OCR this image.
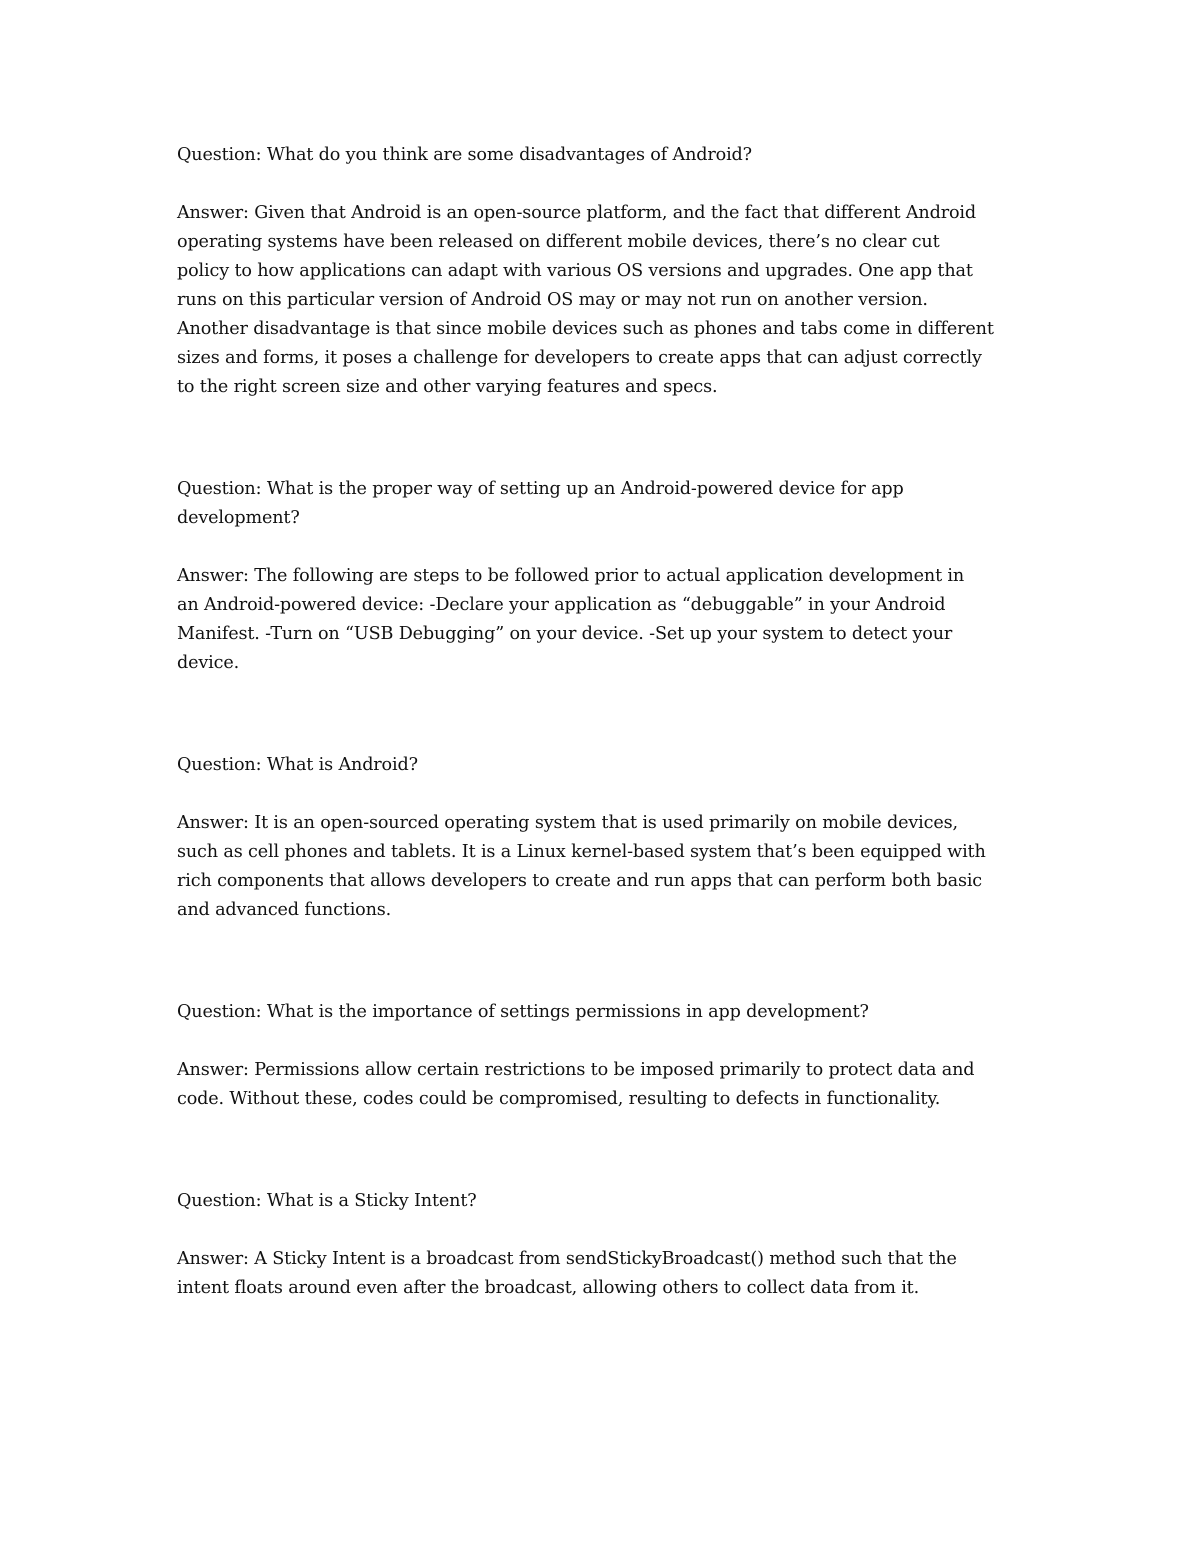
Question: What do you think are some disadvantages of Android?
Answer: Given that Android is an open-source platform, and the fact that different Android
operating systems have been released on different mobile devices, there’s no clear cut
policy to how applications can adapt with various OS versions and upgrades. One app that
runs on this particular version of Android OS may or may not run on another version.
Another disadvantage is that since mobile devices such as phones and tabs come in different
sizes and forms, it poses a challenge for developers to create apps that can adjust correctly
to the right screen size and other varying features and specs.
Question: What is the proper way of setting up an Android-powered device for app
development?
Answer: The following are steps to be followed prior to actual application development in
an Android-powered device: -Declare your application as “debuggable” in your Android
Manifest. -Turn on “USB Debugging” on your device. -Set up your system to detect your
device.
Question: What is Android?
Answer: It is an open-sourced operating system that is used primarily on mobile devices,
such as cell phones and tablets. It is a Linux kernel-based system that’s been equipped with
rich components that allows developers to create and run apps that can perform both basic
and advanced functions.
Question: What is the importance of settings permissions in app development?
Answer: Permissions allow certain restrictions to be imposed primarily to protect data and
code. Without these, codes could be compromised, resulting to defects in functionality.
Question: What is a Sticky Intent?
Answer: A Sticky Intent is a broadcast from sendStickyBroadcast() method such that the
intent floats around even after the broadcast, allowing others to collect data from it.
